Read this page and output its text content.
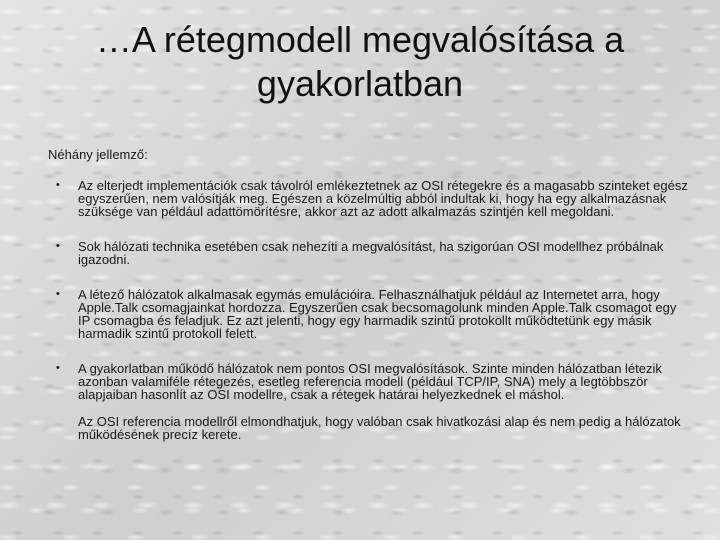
…A rétegmodell megvalósítása a
gyakorlatban
Néhány jellemző:
• Az elterjedt implementációk csak távolról emlékeztetnek az OSI rétegekre és a magasabb szinteket egész egyszerűen, nem valósítják meg. Egészen a közelmúltig abból indultak ki, hogy ha egy alkalmazásnak szüksége van például adattömörítésre, akkor azt az adott alkalmazás szintjén kell megoldani.
• Sok hálózati technika esetében csak nehezíti a megvalósítást, ha szigorúan OSI modellhez próbálnak igazodni.
• A létező hálózatok alkalmasak egymás emulációira. Felhasználhatjuk például az Internetet arra, hogy Apple.Talk csomagjainkat hordozza. Egyszerűen csak becsomagolunk minden Apple.Talk csomagot egy IP csomagba és feladjuk. Ez azt jelenti, hogy egy harmadik szintű protokollt működtetünk egy másik harmadik szintű protokoll felett.
• A gyakorlatban működő hálózatok nem pontos OSI megvalósítások. Szinte minden hálózatban létezik azonban valamiféle rétegezés, esetleg referencia modell (például TCP/IP, SNA) mely a legtöbbször alapjaiban hasonlít az OSI modellre, csak a rétegek határai helyezkednek el máshol.
Az OSI referencia modellről elmondhatjuk, hogy valóban csak hivatkozási alap és nem pedig a hálózatok működésének precíz kerete.
